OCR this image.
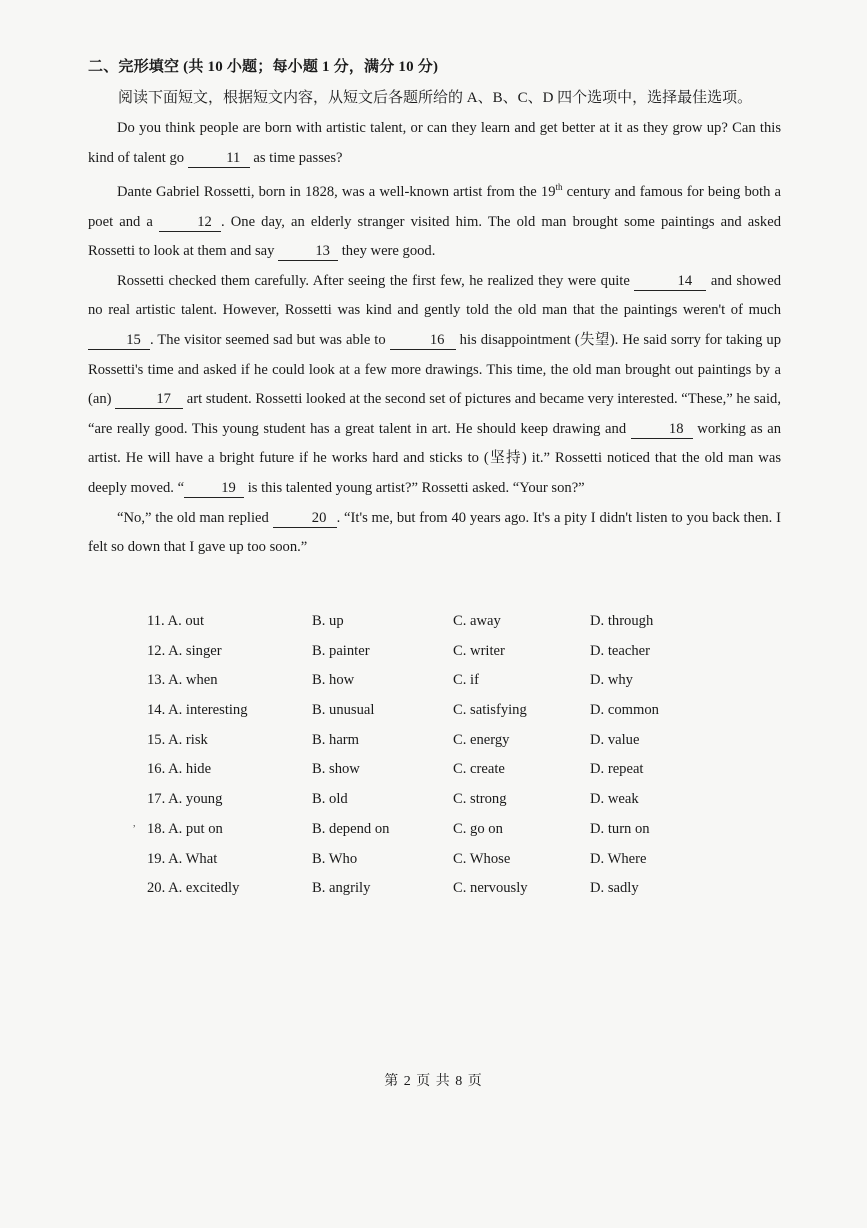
二、完形填空 (共 10 小题；每小题 1 分，满分 10 分)
阅读下面短文，根据短文内容，从短文后各题所给的 A、B、C、D 四个选项中，选择最佳选项。

Do you think people are born with artistic talent, or can they learn and get better at it as they grow up? Can this kind of talent go	11 as time passes?

Dante Gabriel Rossetti, born in 1828, was a well-known artist from the 19th century and famous for being both a poet and a	12 . One day, an elderly stranger visited him. The old man brought some paintings and asked Rossetti to look at them and say	13 they were good.

Rossetti checked them carefully. After seeing the first few, he realized they were quite	14 and showed no real artistic talent. However, Rossetti was kind and gently told the old man that the paintings weren't of much 15 . The visitor seemed sad but was able to	16 his disappointment (失望). He said sorry for taking up Rossetti's time and asked if he could look at a few more drawings. This time, the old man brought out paintings by a (an)	17 art student. Rossetti looked at the second set of pictures and became very interested. “These,” he said, “are really good. This young student has a great talent in art. He should keep drawing and	18 working as an artist. He will have a bright future if he works hard and sticks to (坚持) it.” Rossetti noticed that the old man was deeply moved. “	19 is this talented young artist?” Rossetti asked. “Your son?”

“No,” the old man replied	20 . “It's me, but from 40 years ago. It's a pity I didn't listen to you back then. I felt so down that I gave up too soon.”

11. A. out	B. up	C. away	D. through
12. A. singer	B. painter	C. writer	D. teacher
13. A. when	B. how	C. if	D. why
14. A. interesting	B. unusual	C. satisfying	D. common
15. A. risk	B. harm	C. energy	D. value
16. A. hide	B. show	C. create	D. repeat
17. A. young	B. old	C. strong	D. weak
18. A. put on	B. depend on	C. go on	D. turn on
19. A. What	B. Who	C. Whose	D. Where
20. A. excitedly	B. angrily	C. nervously	D. sadly
,
第 2 页 共 8 页
